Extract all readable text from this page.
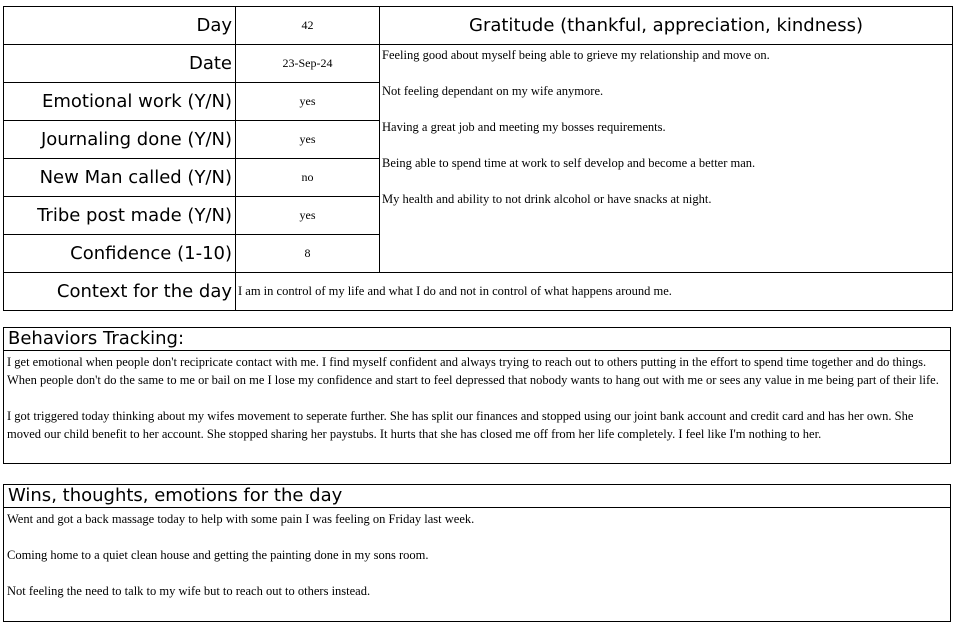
Day	42	Gratitude (thankful, appreciation, kindness)
Date	23-Sep-24	Feeling good about myself being able to grieve my relationship and move on.
Not feeling dependant on my wife anymore.
Having a great job and meeting my bosses requirements.
Being able to spend time at work to self develop and become a better man.
My health and ability to not drink alcohol or have snacks at night.

Emotional work (Y/N)	yes	
Journaling done (Y/N)	yes	
New Man called (Y/N)	no	
Tribe post made (Y/N)	yes	
Confidence (1-10)	8	
Context for the day	I am in control of my life and what I do and not in control of what happens around me.	
Behaviors Tracking:

I get emotional when people don't recipricate contact with me. I find myself confident and always trying to reach out to others putting in the effort to spend time together and do things. When people don't do the same to me or bail on me I lose my confidence and start to feel depressed that nobody wants to hang out with me or sees any value in me being part of their life.

I got triggered today thinking about my wifes movement to seperate further. She has split our finances and stopped using our joint bank account and credit card and has her own. She moved our child benefit to her account. She stopped sharing her paystubs. It hurts that she has closed me off from her life completely. I feel like I'm nothing to her.

Wins, thoughts, emotions for the day

Went and got a back massage today to help with some pain I was feeling on Friday last week.

Coming home to a quiet clean house and getting the painting done in my sons room.

Not feeling the need to talk to my wife but to reach out to others instead.
